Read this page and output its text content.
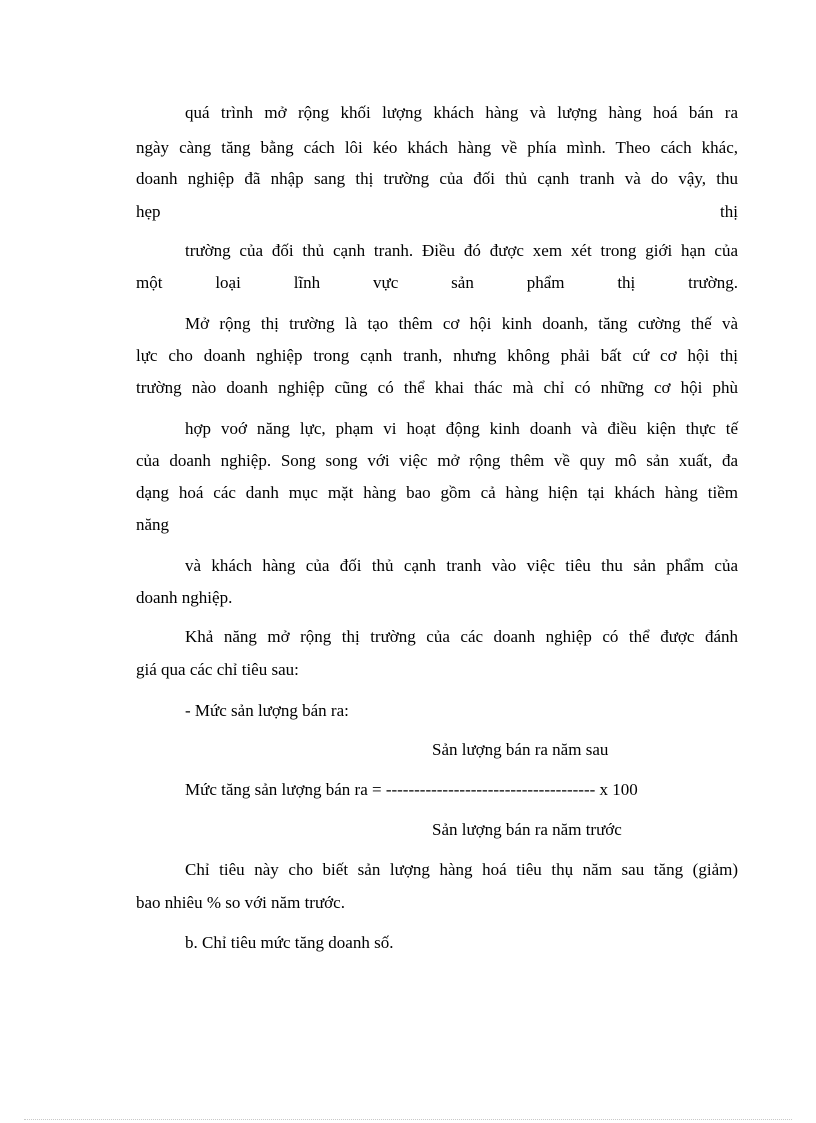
quá trình mở rộng khối lượng khách hàng và lượng hàng hoá bán ra
ngày càng tăng bằng cách lôi kéo khách hàng về phía mình. Theo cách khác,
doanh nghiệp đã nhập sang thị trường của đối thủ cạnh tranh và do vậy, thu
hẹp thị
trường của đối thủ cạnh tranh. Điều đó được xem xét trong giới hạn của
một loại lĩnh vực sản phẩm thị trường.
Mở rộng thị trường là tạo thêm cơ hội kinh doanh, tăng cường thế và
lực cho doanh nghiệp trong cạnh tranh, nhưng không phải bất cứ cơ hội thị
trường nào doanh nghiệp cũng có thể khai thác mà chỉ có những cơ hội phù
hợp voớ năng lực, phạm vi hoạt động kinh doanh và điều kiện thực tế
của doanh nghiệp. Song song với việc mở rộng thêm về quy mô sản xuất, đa
dạng hoá các danh mục mặt hàng bao gồm cả hàng hiện tại khách hàng tiềm
năng
và khách hàng của đối thủ cạnh tranh vào việc tiêu thu sản phẩm của
doanh nghiệp.
Khả năng mở rộng thị trường của các doanh nghiệp có thể được đánh
giá qua các chỉ tiêu sau:
- Mức sản lượng bán ra:
Sản lượng bán ra năm sau
Mức tăng sản lượng bán ra = ------------------------------------- x 100
Sản lượng bán ra năm trước
Chỉ tiêu này cho biết sản lượng hàng hoá tiêu thụ năm sau tăng (giảm)
bao nhiêu % so với năm trước.
b. Chỉ tiêu mức tăng doanh số.
